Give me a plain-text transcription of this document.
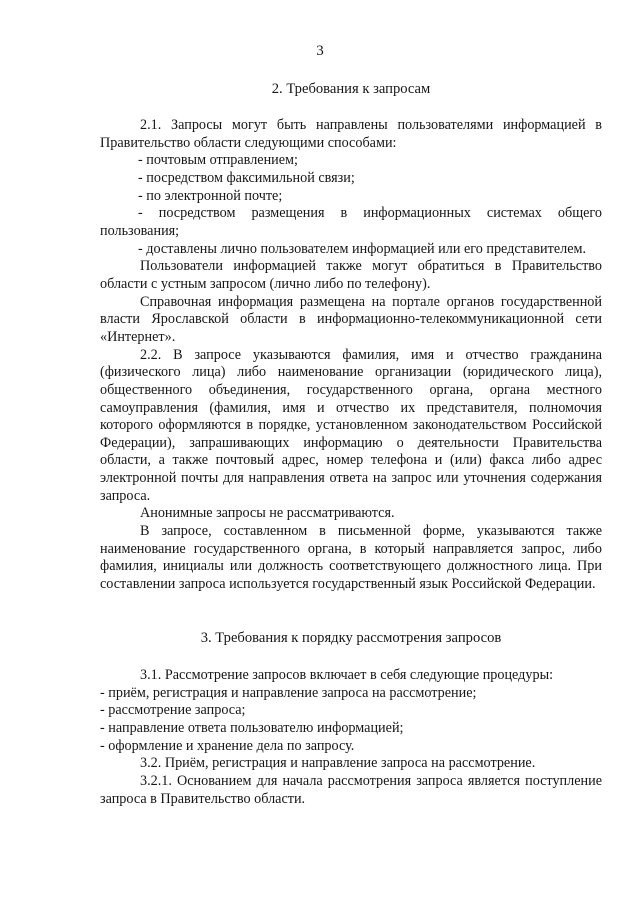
3
2. Требования к запросам

2.1. Запросы могут быть направлены пользователями информацией в Правительство области следующими способами:

- почтовым отправлением;

- посредством факсимильной связи;

- по электронной почте;

- посредством размещения в информационных системах общего пользования;

- доставлены лично пользователем информацией или его представителем.

Пользователи информацией также могут обратиться в Правительство области с устным запросом (лично либо по телефону).

Справочная информация размещена на портале органов государственной власти Ярославской области в информационно-телекоммуникационной сети «Интернет».

2.2. В запросе указываются фамилия, имя и отчество гражданина (физического лица) либо наименование организации (юридического лица), общественного объединения, государственного органа, органа местного самоуправления (фамилия, имя и отчество их представителя, полномочия которого оформляются в порядке, установленном законодательством Российской Федерации), запрашивающих информацию о деятельности Правительства области, а также почтовый адрес, номер телефона и (или) факса либо адрес электронной почты для направления ответа на запрос или уточнения содержания запроса.

Анонимные запросы не рассматриваются.

В запросе, составленном в письменной форме, указываются также наименование государственного органа, в который направляется запрос, либо фамилия, инициалы или должность соответствующего должностного лица. При составлении запроса используется государственный язык Российской Федерации.

3. Требования к порядку рассмотрения запросов

3.1. Рассмотрение запросов включает в себя следующие процедуры:

- приём, регистрация и направление запроса на рассмотрение;

- рассмотрение запроса;

- направление ответа пользователю информацией;

- оформление и хранение дела по запросу.

3.2. Приём, регистрация и направление запроса на рассмотрение.

3.2.1. Основанием для начала рассмотрения запроса является поступление запроса в Правительство области.
